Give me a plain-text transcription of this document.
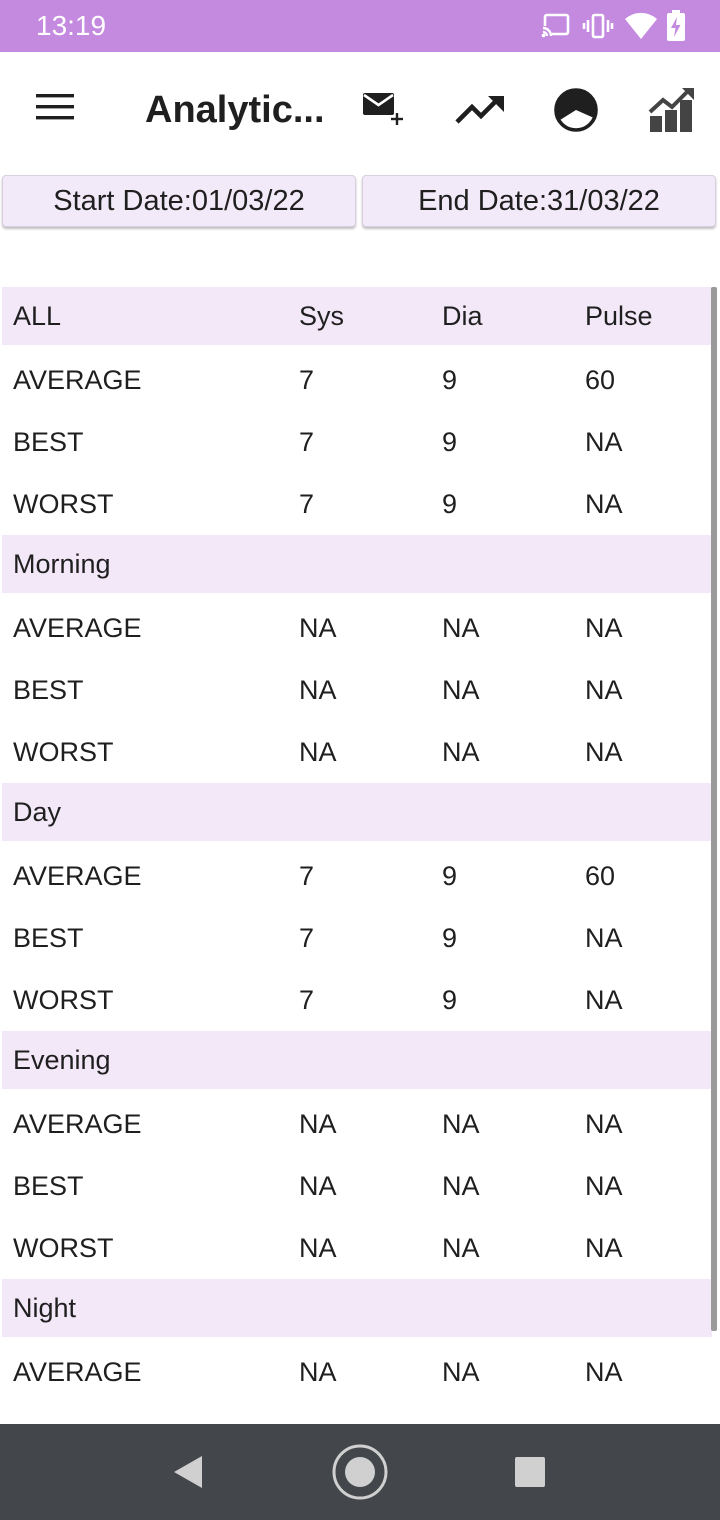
13:19
Analytic...
Start Date:01/03/22	End Date:31/03/22
ALL	Sys	Dia	Pulse
AVERAGE	7	9	60
BEST	7	9	NA
WORST	7	9	NA
Morning
AVERAGE	NA	NA	NA
BEST	NA	NA	NA
WORST	NA	NA	NA
Day
AVERAGE	7	9	60
BEST	7	9	NA
WORST	7	9	NA
Evening
AVERAGE	NA	NA	NA
BEST	NA	NA	NA
WORST	NA	NA	NA
Night
AVERAGE	NA	NA	NA
